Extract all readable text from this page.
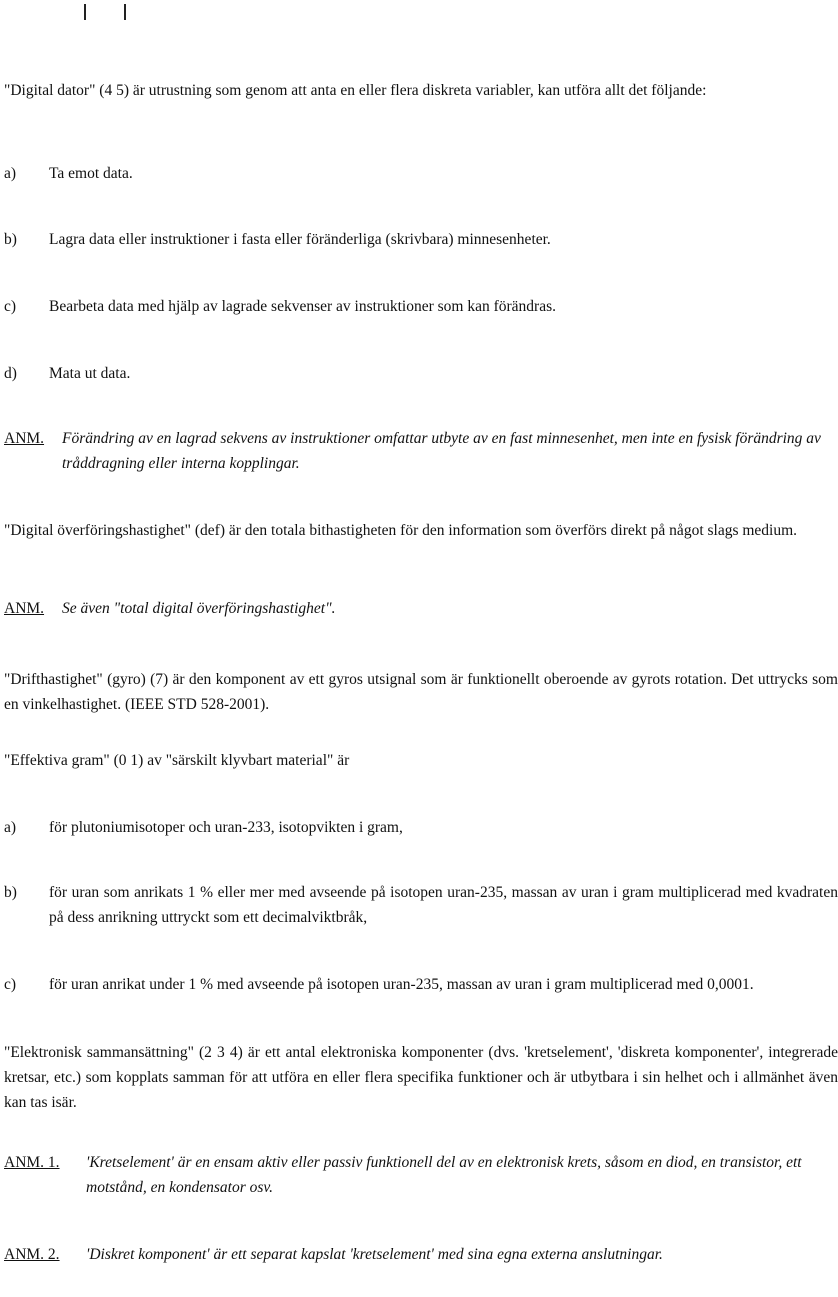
"Digital dator" (4 5) är utrustning som genom att anta en eller flera diskreta variabler, kan utföra allt det följande:
a) Ta emot data.
b) Lagra data eller instruktioner i fasta eller föränderliga (skrivbara) minnesenheter.
c) Bearbeta data med hjälp av lagrade sekvenser av instruktioner som kan förändras.
d) Mata ut data.
ANM. Förändring av en lagrad sekvens av instruktioner omfattar utbyte av en fast minnesenhet, men inte en fysisk förändring av tråddragning eller interna kopplingar.
"Digital överföringshastighet" (def) är den totala bithastigheten för den information som överförs direkt på något slags medium.
ANM. Se även "total digital överföringshastighet".
"Drifthastighet" (gyro) (7) är den komponent av ett gyros utsignal som är funktionellt oberoende av gyrots rotation. Det uttrycks som en vinkelhastighet. (IEEE STD 528-2001).
"Effektiva gram" (0 1) av "särskilt klyvbart material" är
a) för plutoniumisotoper och uran-233, isotopvikten i gram,
b) för uran som anrikats 1 % eller mer med avseende på isotopen uran-235, massan av uran i gram multiplicerad med kvadraten på dess anrikning uttryckt som ett decimalviktbråk,
c) för uran anrikat under 1 % med avseende på isotopen uran-235, massan av uran i gram multiplicerad med 0,0001.
"Elektronisk sammansättning" (2 3 4) är ett antal elektroniska komponenter (dvs. 'kretselement', 'diskreta komponenter', integrerade kretsar, etc.) som kopplats samman för att utföra en eller flera specifika funktioner och är utbytbara i sin helhet och i allmänhet även kan tas isär.
ANM. 1. 'Kretselement' är en ensam aktiv eller passiv funktionell del av en elektronisk krets, såsom en diod, en transistor, ett motstånd, en kondensator osv.
ANM. 2. 'Diskret komponent' är ett separat kapslat 'kretselement' med sina egna externa anslutningar.
